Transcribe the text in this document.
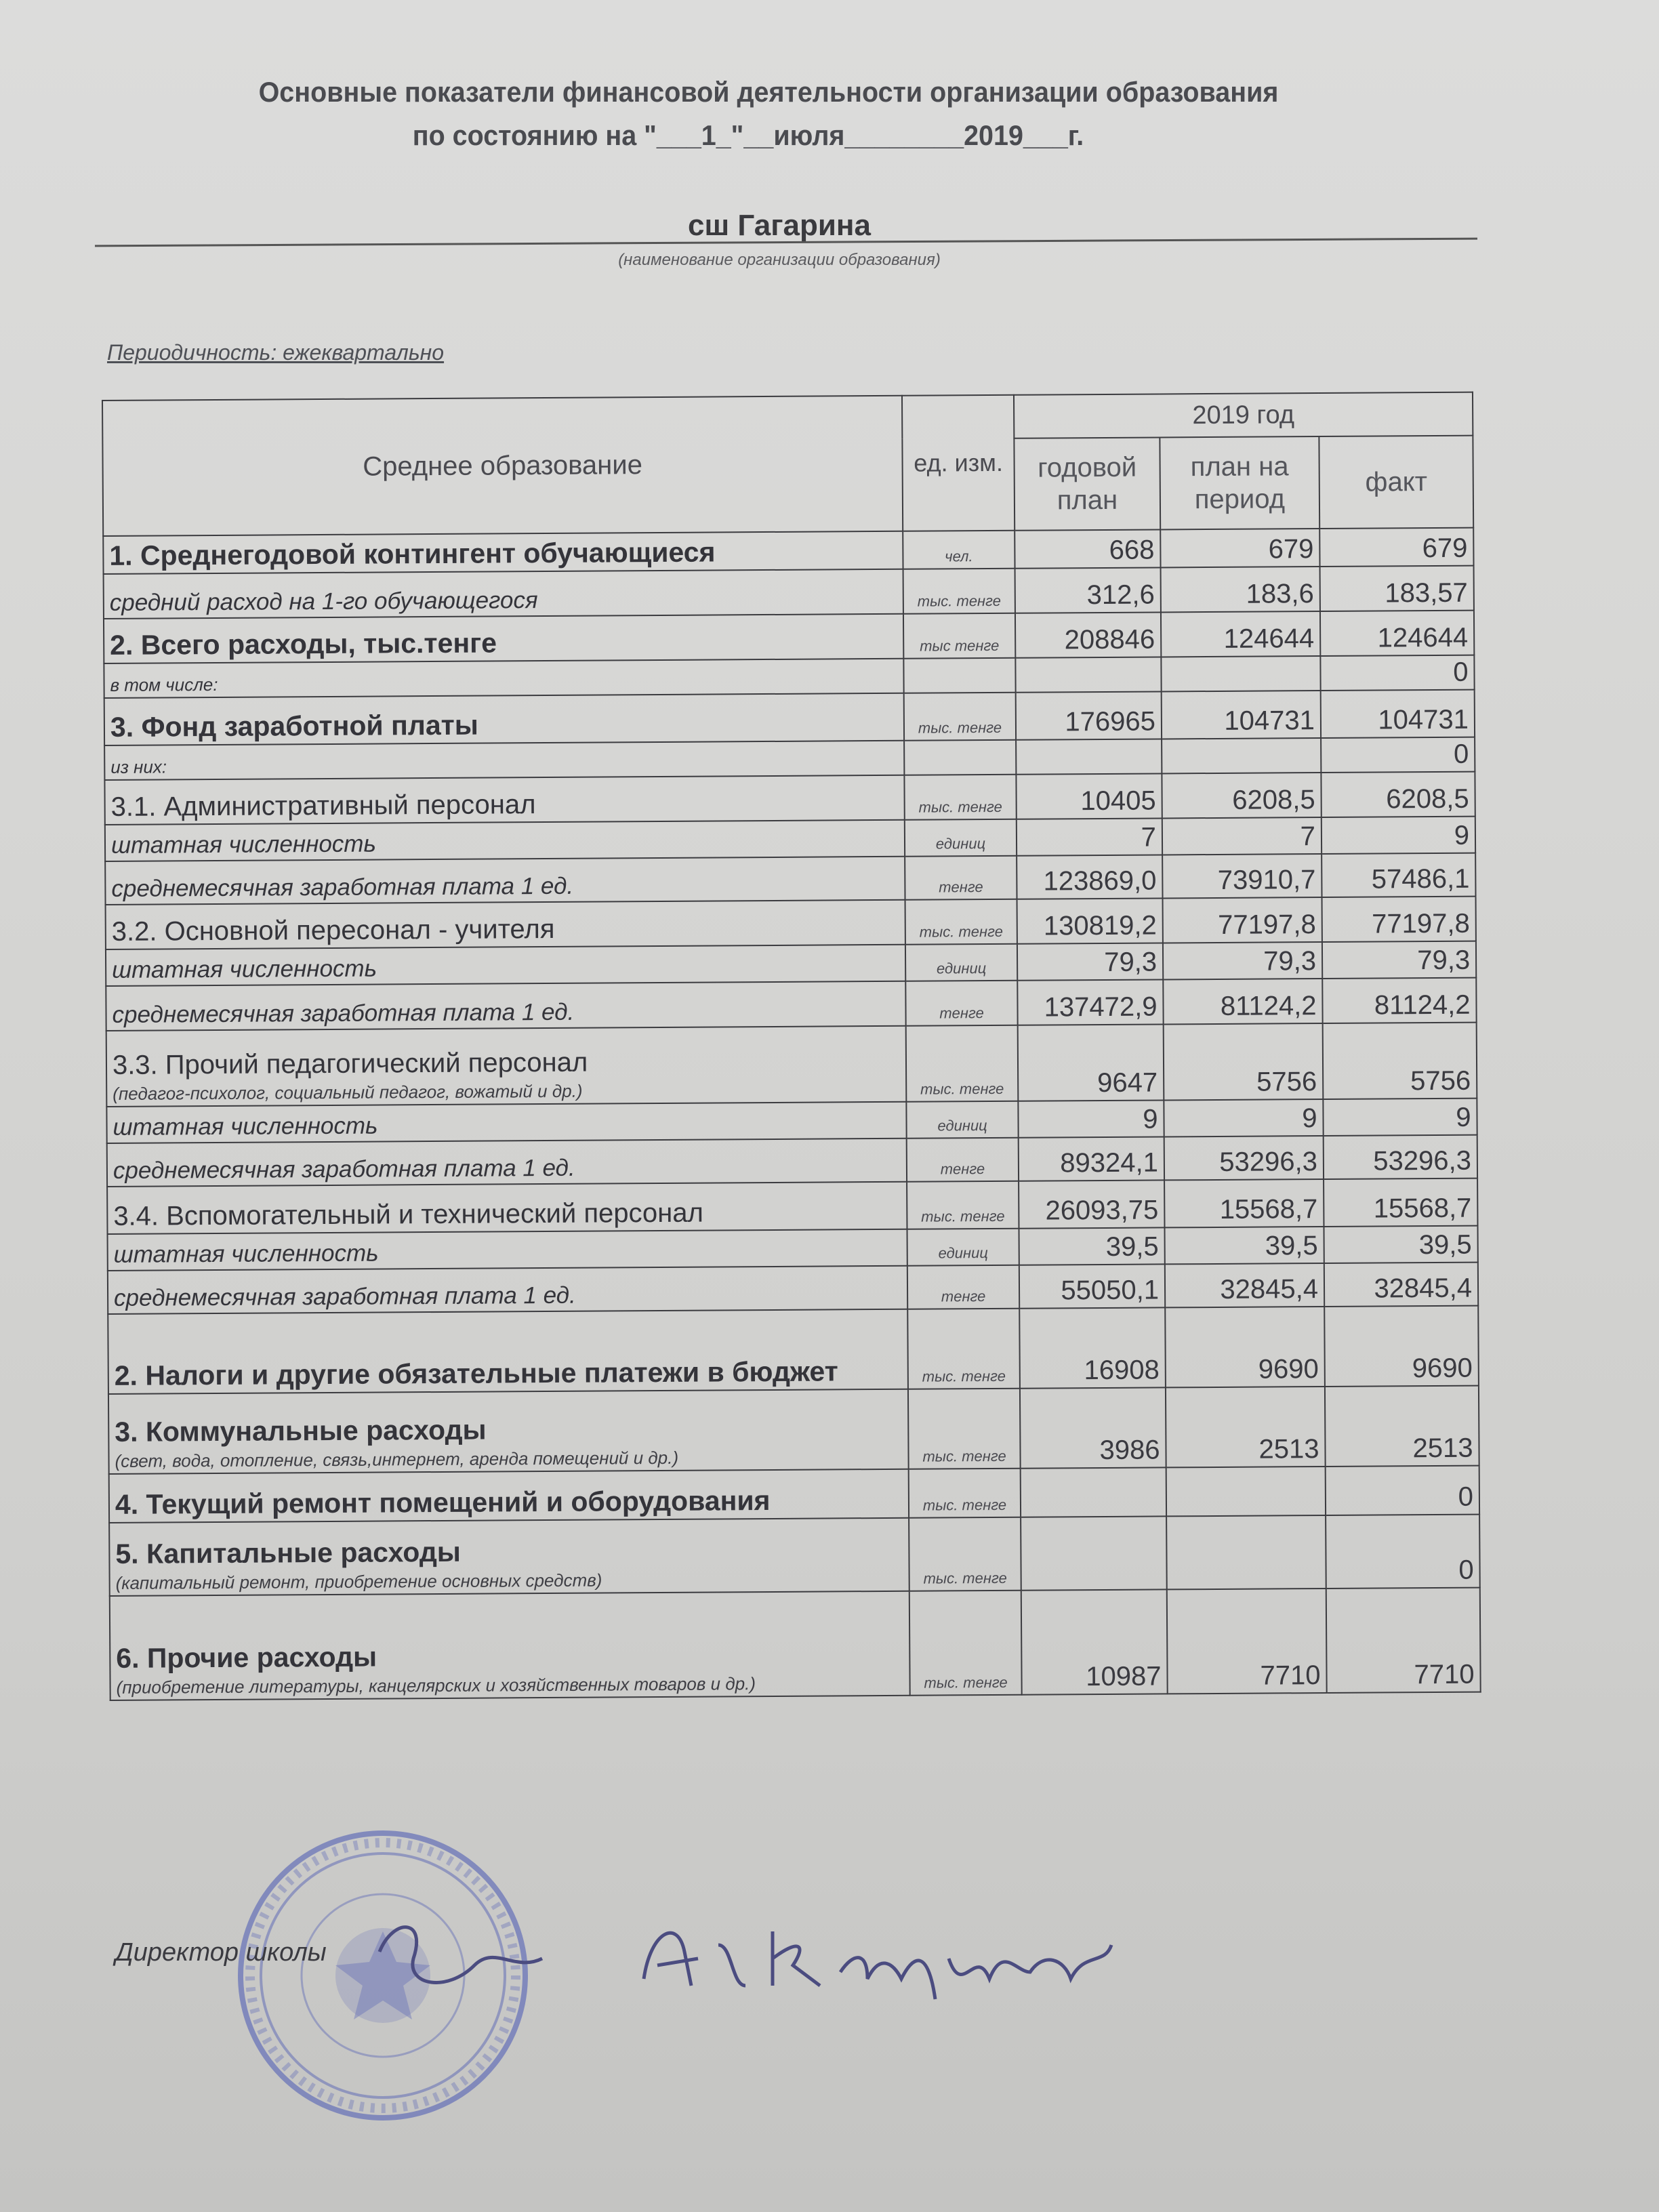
Основные показатели финансовой деятельности организации образования
по состоянию на "___1_"__июля________2019___г.
сш Гагарина
(наименование организации образования)
Периодичность: ежеквартально
Среднее образование	ед. изм.	2019 год		
		годовой план	план на период	факт
1. Среднегодовой контингент обучающиеся	чел.	668	679	679
средний расход на 1-го обучающегося	тыс. тенге	312,6	183,6	183,57
2. Всего расходы, тыс.тенге	тыс тенге	208846	124644	124644
в том числе:				0
3. Фонд заработной платы	тыс. тенге	176965	104731	104731
из них:				0
3.1. Административный персонал	тыс. тенге	10405	6208,5	6208,5
штатная численность	единиц	7	7	9
среднемесячная заработная плата 1 ед.	тенге	123869,0	73910,7	57486,1
3.2. Основной пересонал - учителя	тыс. тенге	130819,2	77197,8	77197,8
штатная численность	единиц	79,3	79,3	79,3
среднемесячная заработная плата 1 ед.	тенге	137472,9	81124,2	81124,2
3.3. Прочий педагогический персонал
(педагог-психолог, социальный педагог, вожатый и др.)	тыс. тенге	9647	5756	5756
штатная численность	единиц	9	9	9
среднемесячная заработная плата 1 ед.	тенге	89324,1	53296,3	53296,3
3.4. Вспомогательный и технический персонал	тыс. тенге	26093,75	15568,7	15568,7
штатная численность	единиц	39,5	39,5	39,5
среднемесячная заработная плата 1 ед.	тенге	55050,1	32845,4	32845,4
2. Налоги и другие обязательные платежи в бюджет	тыс. тенге	16908	9690	9690
3. Коммунальные расходы
(свет, вода, отопление, связь,интернет, аренда помещений и др.)	тыс. тенге	3986	2513	2513
4. Текущий ремонт помещений и оборудования	тыс. тенге			0
5. Капитальные расходы
(капитальный ремонт, приобретение основных средств)	тыс. тенге			0
6. Прочие расходы
(приобретение литературы, канцелярских и хозяйственных товаров и др.)	тыс. тенге	10987	7710	7710
Директор школы
